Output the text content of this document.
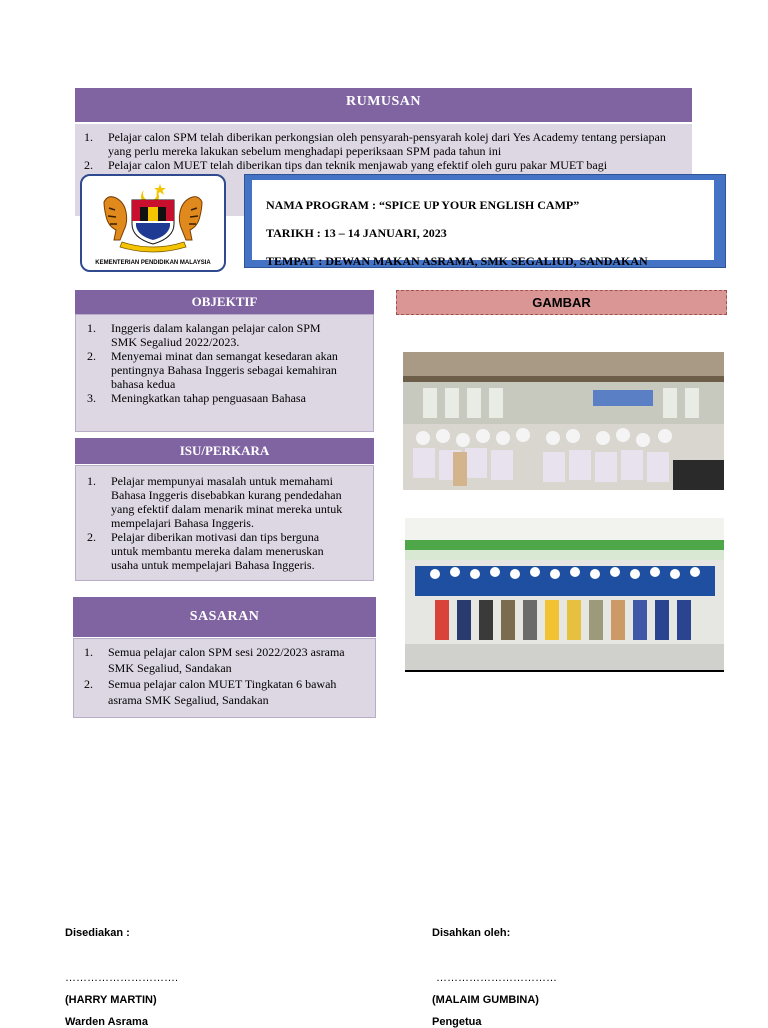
RUMUSAN
1.	Pelajar calon SPM telah diberikan perkongsian oleh pensyarah-pensyarah kolej dari Yes Academy tentang persiapan yang perlu mereka lakukan sebelum menghadapi peperiksaan SPM pada tahun ini
2.	Pelajar calon MUET telah diberikan tips dan teknik menjawab yang efektif oleh guru pakar MUET bagi
KEMENTERIAN PENDIDIKAN MALAYSIA
NAMA PROGRAM : “SPICE UP YOUR ENGLISH CAMP”
TARIKH : 13 – 14 JANUARI, 2023
TEMPAT : DEWAN MAKAN ASRAMA, SMK SEGALIUD, SANDAKAN
OBJEKTIF
1.	Inggeris dalam kalangan pelajar calon SPM SMK Segaliud 2022/2023.
2.	Menyemai minat dan semangat kesedaran akan pentingnya Bahasa Inggeris sebagai kemahiran bahasa kedua
3.	Meningkatkan tahap penguasaan Bahasa
ISU/PERKARA
1.	Pelajar mempunyai masalah untuk memahami Bahasa Inggeris disebabkan kurang pendedahan yang efektif dalam menarik minat mereka untuk mempelajari Bahasa Inggeris.
2.	Pelajar diberikan motivasi dan tips berguna untuk membantu mereka dalam meneruskan usaha untuk mempelajari Bahasa Inggeris.
SASARAN
1.	Semua pelajar calon SPM sesi 2022/2023 asrama SMK Segaliud, Sandakan
2.	Semua pelajar calon MUET Tingkatan 6 bawah asrama SMK Segaliud, Sandakan
GAMBAR
Disediakan :
………………………….
(HARRY MARTIN)
Warden Asrama
Disahkan oleh:
……………………………
(MALAIM GUMBINA)
Pengetua
